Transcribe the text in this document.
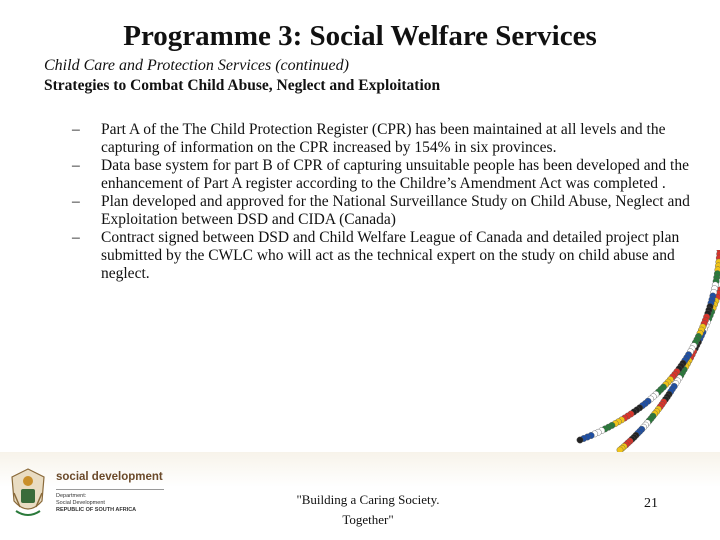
Programme 3: Social Welfare Services
Child Care and Protection Services (continued)
Strategies to Combat Child Abuse, Neglect and Exploitation
– Part A of the The Child Protection Register (CPR) has been maintained at all levels and the capturing of information on the CPR increased by 154% in six provinces.
– Data base system for part B of CPR of capturing unsuitable people has been developed and the enhancement of Part A register according to the Childre’s Amendment Act was completed .
– Plan developed and approved for the National Surveillance Study on Child Abuse, Neglect and Exploitation between DSD and CIDA (Canada)
– Contract signed between DSD and Child Welfare League of Canada and detailed project plan submitted by the CWLC who will act as the technical expert on the study on child abuse and neglect.
social development
Department:
Social Development
REPUBLIC OF SOUTH AFRICA
"Building a Caring Society.
Together"
21
